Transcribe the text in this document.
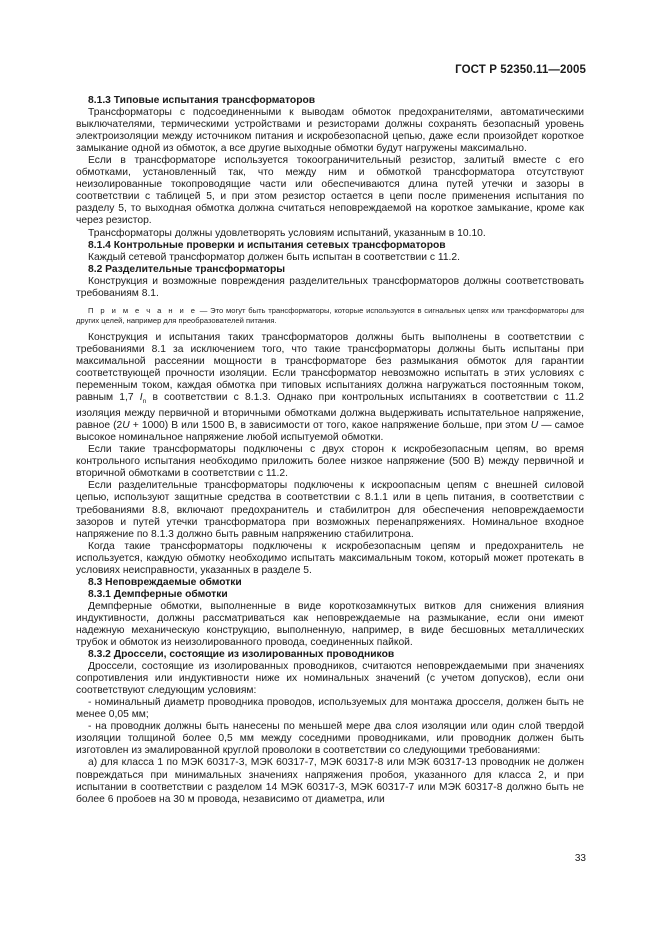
ГОСТ Р 52350.11—2005

8.1.3 Типовые испытания трансформаторов

Трансформаторы с подсоединенными к выводам обмоток предохранителями, автоматическими выключателями, термическими устройствами и резисторами должны сохранять безопасный уровень электроизоляции между источником питания и искробезопасной цепью, даже если произойдет короткое замыкание одной из обмоток, а все другие выходные обмотки будут нагружены максимально.

Если в трансформаторе используется токоограничительный резистор, залитый вместе с его обмотками, установленный так, что между ним и обмоткой трансформатора отсутствуют неизолированные токопроводящие части или обеспечиваются длина путей утечки и зазоры в соответствии с таблицей 5, и при этом резистор остается в цепи после применения испытания по разделу 5, то выходная обмотка должна считаться неповреждаемой на короткое замыкание, кроме как через резистор.

Трансформаторы должны удовлетворять условиям испытаний, указанным в 10.10.

8.1.4 Контрольные проверки и испытания сетевых трансформаторов

Каждый сетевой трансформатор должен быть испытан в соответствии с 11.2.

8.2 Разделительные трансформаторы

Конструкция и возможные повреждения разделительных трансформаторов должны соответствовать требованиям 8.1.

П р и м е ч а н и е — Это могут быть трансформаторы, которые используются в сигнальных цепях или трансформаторы для других целей, например для преобразователей питания.

Конструкция и испытания таких трансформаторов должны быть выполнены в соответствии с требованиями 8.1 за исключением того, что такие трансформаторы должны быть испытаны при максимальной рассеянии мощности в трансформаторе без размыкания обмоток для гарантии соответствующей прочности изоляции. Если трансформатор невозможно испытать в этих условиях с переменным током, каждая обмотка при типовых испытаниях должна нагружаться постоянным током, равным 1,7 $I_n$ в соответствии с 8.1.3. Однако при контрольных испытаниях в соответствии с 11.2 изоляция между первичной и вторичными обмотками должна выдерживать испытательное напряжение, равное (2U + 1000) В или 1500 В, в зависимости от того, какое напряжение больше, при этом U — самое высокое номинальное напряжение любой испытуемой обмотки.

Если такие трансформаторы подключены с двух сторон к искробезопасным цепям, во время контрольного испытания необходимо приложить более низкое напряжение (500 В) между первичной и вторичной обмотками в соответствии с 11.2.

Если разделительные трансформаторы подключены к искроопасным цепям с внешней силовой цепью, используют защитные средства в соответствии с 8.1.1 или в цепь питания, в соответствии с требованиями 8.8, включают предохранитель и стабилитрон для обеспечения неповреждаемости зазоров и путей утечки трансформатора при возможных перенапряжениях. Номинальное входное напряжение по 8.1.3 должно быть равным напряжению стабилитрона.

Когда такие трансформаторы подключены к искробезопасным цепям и предохранитель не используется, каждую обмотку необходимо испытать максимальным током, который может протекать в условиях неисправности, указанных в разделе 5.

8.3 Неповреждаемые обмотки

8.3.1 Демпферные обмотки

Демпферные обмотки, выполненные в виде короткозамкнутых витков для снижения влияния индуктивности, должны рассматриваться как неповреждаемые на размыкание, если они имеют надежную механическую конструкцию, выполненную, например, в виде бесшовных металлических трубок и обмоток из неизолированного провода, соединенных пайкой.

8.3.2 Дроссели, состоящие из изолированных проводников

Дроссели, состоящие из изолированных проводников, считаются неповреждаемыми при значениях сопротивления или индуктивности ниже их номинальных значений (с учетом допусков), если они соответствуют следующим условиям:

- номинальный диаметр проводника проводов, используемых для монтажа дросселя, должен быть не менее 0,05 мм;

- на проводник должны быть нанесены по меньшей мере два слоя изоляции или один слой твердой изоляции толщиной более 0,5 мм между соседними проводниками, или проводник должен быть изготовлен из эмалированной круглой проволоки в соответствии со следующими требованиями:

а) для класса 1 по МЭК 60317-3, МЭК 60317-7, МЭК 60317-8 или МЭК 60317-13 проводник не должен повреждаться при минимальных значениях напряжения пробоя, указанного для класса 2, и при испытании в соответствии с разделом 14 МЭК 60317-3, МЭК 60317-7 или МЭК 60317-8 должно быть не более 6 пробоев на 30 м провода, независимо от диаметра, или

33
